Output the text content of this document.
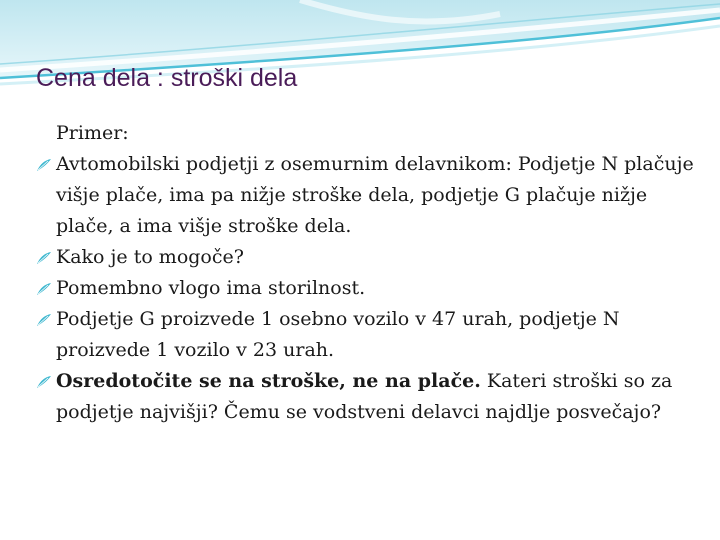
Cena dela : stroški dela
Primer:
Avtomobilski podjetji z osemurnim delavnikom: Podjetje N plačuje višje plače, ima pa nižje stroške dela, podjetje G plačuje nižje plače, a ima višje stroške dela.
Kako je to mogoče?
Pomembno vlogo ima storilnost.
Podjetje G proizvede 1 osebno vozilo v 47 urah, podjetje N proizvede 1 vozilo v 23 urah.
Osredotočite se na stroške, ne na plače. Kateri stroški so za podjetje najvišji? Čemu se vodstveni delavci najdlje posvečajo?
